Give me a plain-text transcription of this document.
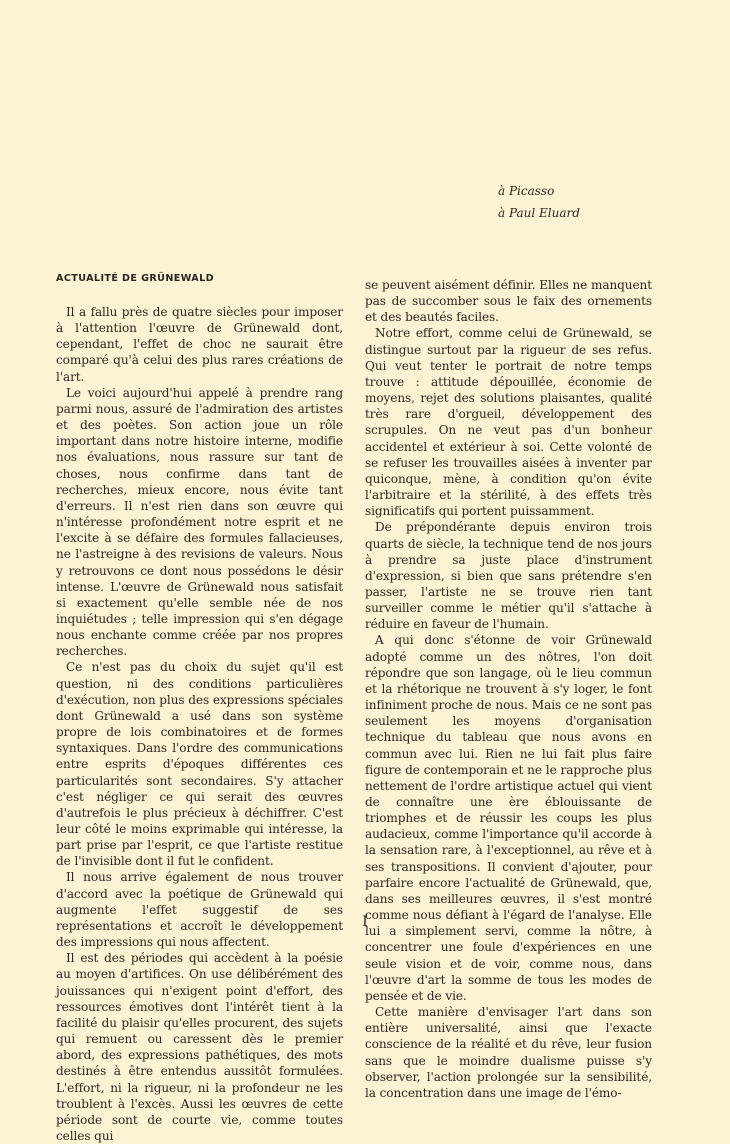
à Picasso
à Paul Eluard
ACTUALITÉ DE GRÜNEWALD

Il a fallu près de quatre siècles pour imposer à l'attention l'œuvre de Grünewald dont, cependant, l'effet de choc ne saurait être comparé qu'à celui des plus rares créations de l'art.

Le voici aujourd'hui appelé à prendre rang parmi nous, assuré de l'admiration des artistes et des poètes. Son action joue un rôle important dans notre histoire interne, modifie nos évaluations, nous rassure sur tant de choses, nous confirme dans tant de recherches, mieux encore, nous évite tant d'erreurs. Il n'est rien dans son œuvre qui n'intéresse profondément notre esprit et ne l'excite à se défaire des formules fallacieuses, ne l'astreigne à des revisions de valeurs. Nous y retrouvons ce dont nous possédons le désir intense. L'œuvre de Grünewald nous satisfait si exactement qu'elle semble née de nos inquiétudes ; telle impression qui s'en dégage nous enchante comme créée par nos propres recherches.

Ce n'est pas du choix du sujet qu'il est question, ni des conditions particulières d'exécution, non plus des expressions spéciales dont Grünewald a usé dans son système propre de lois combinatoires et de formes syntaxiques. Dans l'ordre des communications entre esprits d'époques différentes ces particularités sont secondaires. S'y attacher c'est négliger ce qui serait des œuvres d'autrefois le plus précieux à déchiffrer. C'est leur côté le moins exprimable qui intéresse, la part prise par l'esprit, ce que l'artiste restitue de l'invisible dont il fut le confident.

Il nous arrive également de nous trouver d'accord avec la poétique de Grünewald qui augmente l'effet suggestif de ses représentations et accroît le développement des impressions qui nous affectent.

Il est des périodes qui accèdent à la poésie au moyen d'artifices. On use délibérément des jouissances qui n'exigent point d'effort, des ressources émotives dont l'intérêt tient à la facilité du plaisir qu'elles procurent, des sujets qui remuent ou caressent dès le premier abord, des expressions pathétiques, des mots destinés à être entendus aussitôt formulées. L'effort, ni la rigueur, ni la profondeur ne les troublent à l'excès. Aussi les œuvres de cette période sont de courte vie, comme toutes celles qui

se peuvent aisément définir. Elles ne manquent pas de succomber sous le faix des ornements et des beautés faciles.

Notre effort, comme celui de Grünewald, se distingue surtout par la rigueur de ses refus. Qui veut tenter le portrait de notre temps trouve : attitude dépouillée, économie de moyens, rejet des solutions plaisantes, qualité très rare d'orgueil, développement des scrupules. On ne veut pas d'un bonheur accidentel et extérieur à soi. Cette volonté de se refuser les trouvailles aisées à inventer par quiconque, mène, à condition qu'on évite l'arbitraire et la stérilité, à des effets très significatifs qui portent puissamment.

De prépondérante depuis environ trois quarts de siècle, la technique tend de nos jours à prendre sa juste place d'instrument d'expression, si bien que sans prétendre s'en passer, l'artiste ne se trouve rien tant surveiller comme le métier qu'il s'attache à réduire en faveur de l'humain.

A qui donc s'étonne de voir Grünewald adopté comme un des nôtres, l'on doit répondre que son langage, où le lieu commun et la rhétorique ne trouvent à s'y loger, le font infiniment proche de nous. Mais ce ne sont pas seulement les moyens d'organisation technique du tableau que nous avons en commun avec lui. Rien ne lui fait plus faire figure de contemporain et ne le rapproche plus nettement de l'ordre artistique actuel qui vient de connaître une ère éblouissante de triomphes et de réussir les coups les plus audacieux, comme l'importance qu'il accorde à la sensation rare, à l'exceptionnel, au rêve et à ses transpositions. Il convient d'ajouter, pour parfaire encore l'actualité de Grünewald, que, dans ses meilleures œuvres, il s'est montré comme nous défiant à l'égard de l'analyse. Elle lui a simplement servi, comme la nôtre, à concentrer une foule d'expériences en une seule vision et de voir, comme nous, dans l'œuvre d'art la somme de tous les modes de pensée et de vie.

Cette manière d'envisager l'art dans son entière universalité, ainsi que l'exacte conscience de la réalité et du rêve, leur fusion sans que le moindre dualisme puisse s'y observer, l'action prolongée sur la sensibilité, la concentration dans une image de l'émo-

I
